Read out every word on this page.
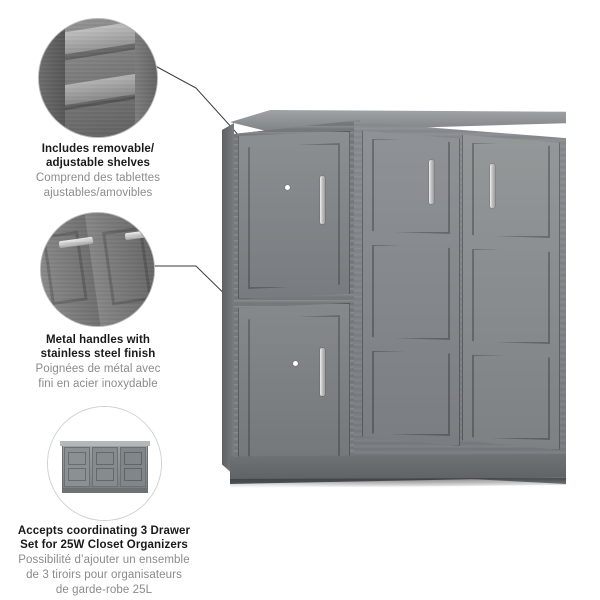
Includes removable/
adjustable shelves
Comprend des tablettes
ajustables/amovibles
Metal handles with
stainless steel finish
Poignées de métal avec
fini en acier inoxydable
Accepts coordinating 3 Drawer
Set for 25W Closet Organizers
Possibilité d’ajouter un ensemble
de 3 tiroirs pour organisateurs
de garde-robe 25L
